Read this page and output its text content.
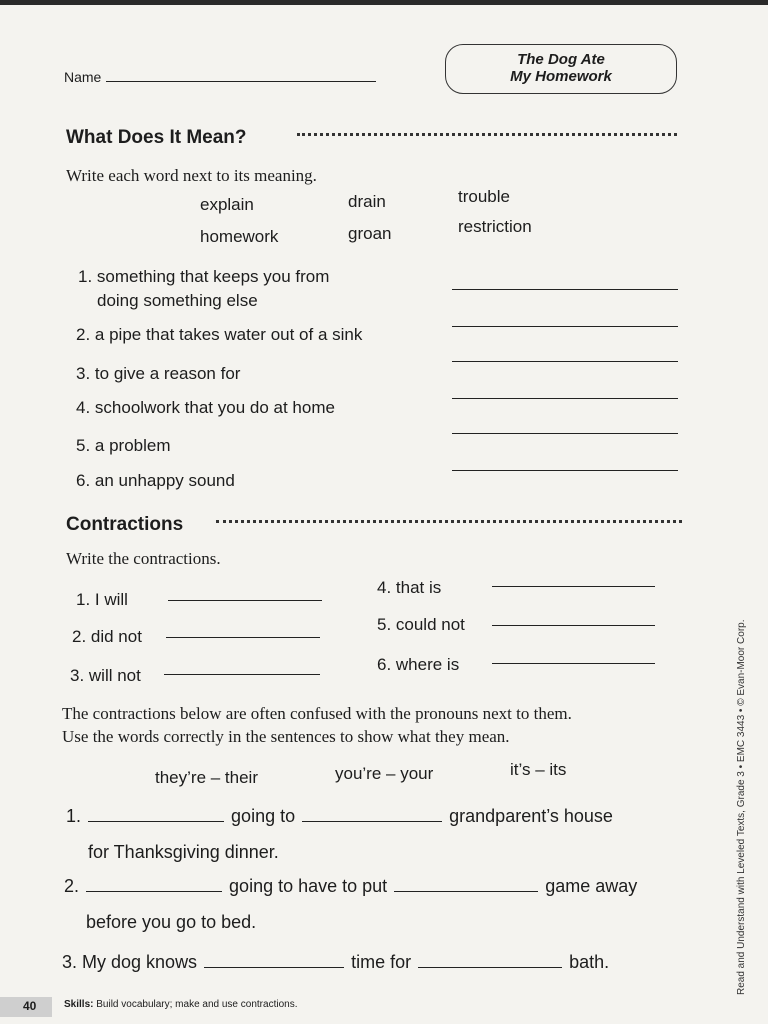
Name
The Dog Ate
My Homework
What Does It Mean?
Write each word next to its meaning.
explain	drain	trouble
homework	groan	restriction
1. something that keeps you from
doing something else
2. a pipe that takes water out of a sink
3. to give a reason for
4. schoolwork that you do at home
5. a problem
6. an unhappy sound
Contractions
Write the contractions.
1. I will
2. did not
3. will not
4. that is
5. could not
6. where is
The contractions below are often confused with the pronouns next to them.
Use the words correctly in the sentences to show what they mean.
they’re – their	you’re – your	it’s – its
1.	going to	grandparent’s house
for Thanksgiving dinner.
2.	going to have to put	game away
before you go to bed.
3. My dog knows	time for	bath.
40	Skills: Build vocabulary; make and use contractions.
Read and Understand with Leveled Texts, Grade 3 • EMC 3443 • © Evan-Moor Corp.
